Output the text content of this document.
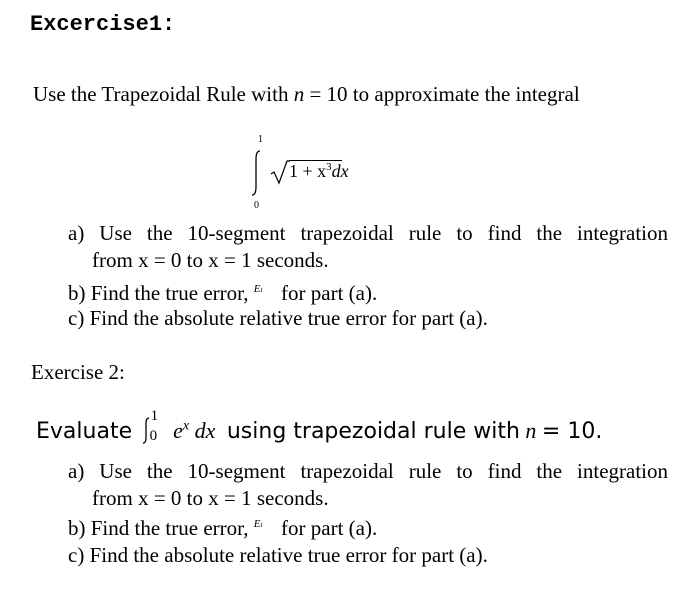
Excercise1:
Use the Trapezoidal Rule with n = 10 to approximate the integral
1
0
$1 + x^3dx$
a) Use the 10-segment trapezoidal rule to find the integration
from x = 0 to x = 1 seconds.
b) Find the true error, Et for part (a).
c) Find the absolute relative true error for part (a).
Exercise 2:
Evaluate
1
0 $e^x$ dx using trapezoidal rule with n = 10.
a) Use the 10-segment trapezoidal rule to find the integration
from x = 0 to x = 1 seconds.
b) Find the true error, Et for part (a).
c) Find the absolute relative true error for part (a).
